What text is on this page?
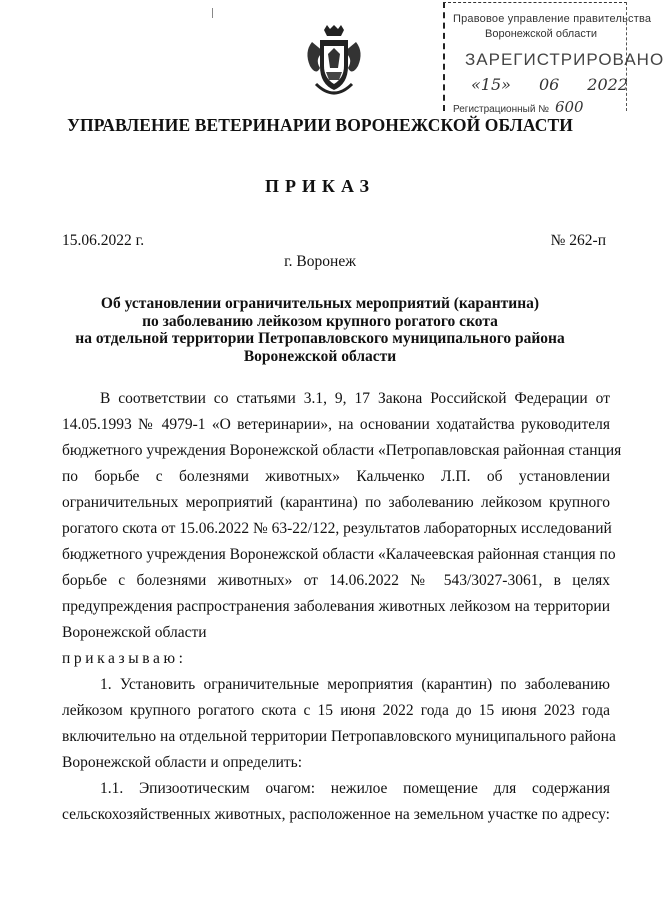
Правовое управление правительства
Воронежской области
ЗАРЕГИСТРИРОВАНО
«15» 06 2022
Регистрационный № 600
УПРАВЛЕНИЕ ВЕТЕРИНАРИИ ВОРОНЕЖСКОЙ ОБЛАСТИ
ПРИКАЗ
15.06.2022 г.	№ 262-п
г. Воронеж
Об установлении ограничительных мероприятий (карантина)
по заболеванию лейкозом крупного рогатого скота
на отдельной территории Петропавловского муниципального района
Воронежской области
В соответствии со статьями 3.1, 9, 17 Закона Российской Федерации от
14.05.1993 № 4979-1 «О ветеринарии», на основании ходатайства руководителя
бюджетного учреждения Воронежской области «Петропавловская районная станция
по борьбе с болезнями животных» Кальченко Л.П. об установлении
ограничительных мероприятий (карантина) по заболеванию лейкозом крупного
рогатого скота от 15.06.2022 № 63-22/122, результатов лабораторных исследований
бюджетного учреждения Воронежской области «Калачеевская районная станция по
борьбе с болезнями животных» от 14.06.2022 № 543/3027-3061, в целях
предупреждения распространения заболевания животных лейкозом на территории
Воронежской области
приказываю:
1. Установить ограничительные мероприятия (карантин) по заболеванию
лейкозом крупного рогатого скота с 15 июня 2022 года до 15 июня 2023 года
включительно на отдельной территории Петропавловского муниципального района
Воронежской области и определить:
1.1. Эпизоотическим очагом: нежилое помещение для содержания
сельскохозяйственных животных, расположенное на земельном участке по адресу:
